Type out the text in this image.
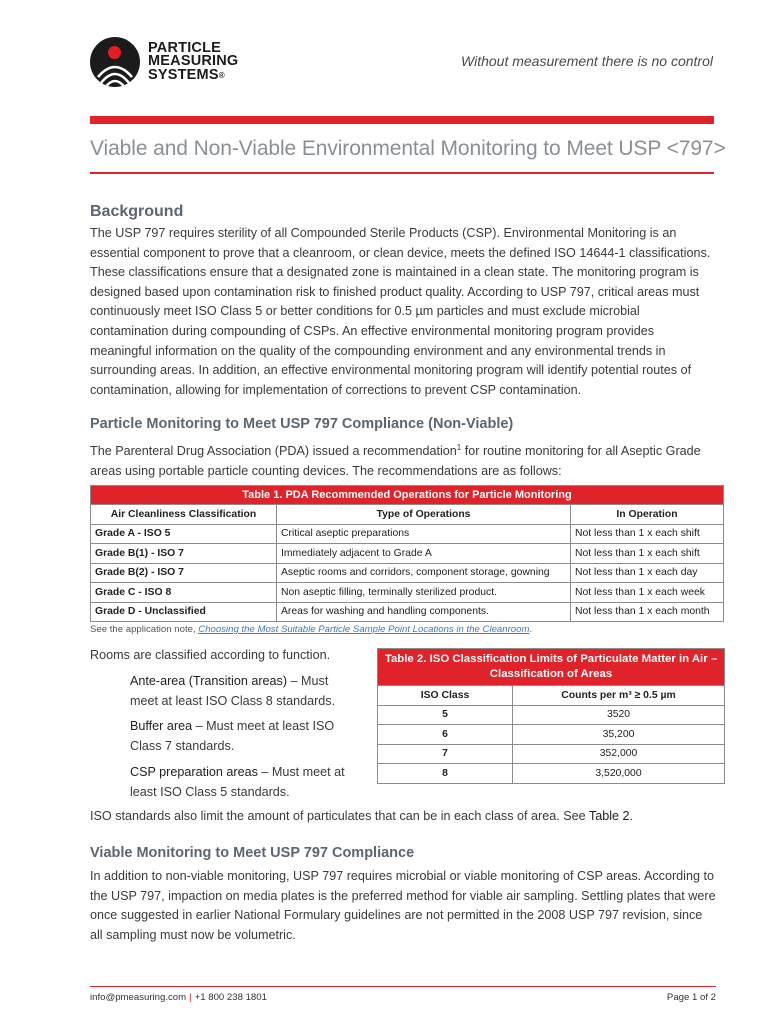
PARTICLE
MEASURING
SYSTEMS®
Without measurement there is no control
Viable and Non-Viable Environmental Monitoring to Meet USP <797>
Background
The USP 797 requires sterility of all Compounded Sterile Products (CSP). Environmental Monitoring is an essential component to prove that a cleanroom, or clean device, meets the defined ISO 14644-1 classifications. These classifications ensure that a designated zone is maintained in a clean state. The monitoring program is designed based upon contamination risk to finished product quality. According to USP 797, critical areas must continuously meet ISO Class 5 or better conditions for 0.5 µm particles and must exclude microbial contamination during compounding of CSPs. An effective environmental monitoring program provides meaningful information on the quality of the compounding environment and any environmental trends in surrounding areas. In addition, an effective environmental monitoring program will identify potential routes of contamination, allowing for implementation of corrections to prevent CSP contamination.
Particle Monitoring to Meet USP 797 Compliance (Non-Viable)
The Parenteral Drug Association (PDA) issued a recommendation$^1$ for routine monitoring for all Aseptic Grade areas using portable particle counting devices. The recommendations are as follows:
Table 1. PDA Recommended Operations for Particle Monitoring		
Air Cleanliness Classification	Type of Operations	In Operation
Grade A - ISO 5	Critical aseptic preparations	Not less than 1 x each shift
Grade B(1) - ISO 7	Immediately adjacent to Grade A	Not less than 1 x each shift
Grade B(2) - ISO 7	Aseptic rooms and corridors, component storage, gowning	Not less than 1 x each day
Grade C - ISO 8	Non aseptic filling, terminally sterilized product.	Not less than 1 x each week
Grade D - Unclassified	Areas for washing and handling components.	Not less than 1 x each month
See the application note, Choosing the Most Suitable Particle Sample Point Locations in the Cleanroom.
Rooms are classified according to function.
Ante-area (Transition areas) – Must meet at least ISO Class 8 standards.
Buffer area – Must meet at least ISO Class 7 standards.
CSP preparation areas – Must meet at least ISO Class 5 standards.
Table 2. ISO Classification Limits of Particulate Matter in Air – Classification of Areas	
ISO Class	Counts per m³ ≥ 0.5 µm
5	3520
6	35,200
7	352,000
8	3,520,000
ISO standards also limit the amount of particulates that can be in each class of area. See Table 2.
Viable Monitoring to Meet USP 797 Compliance
In addition to non-viable monitoring, USP 797 requires microbial or viable monitoring of CSP areas. According to the USP 797, impaction on media plates is the preferred method for viable air sampling. Settling plates that were once suggested in earlier National Formulary guidelines are not permitted in the 2008 USP 797 revision, since all sampling must now be volumetric.
info@pmeasuring.com | +1 800 238 1801	Page 1 of 2
